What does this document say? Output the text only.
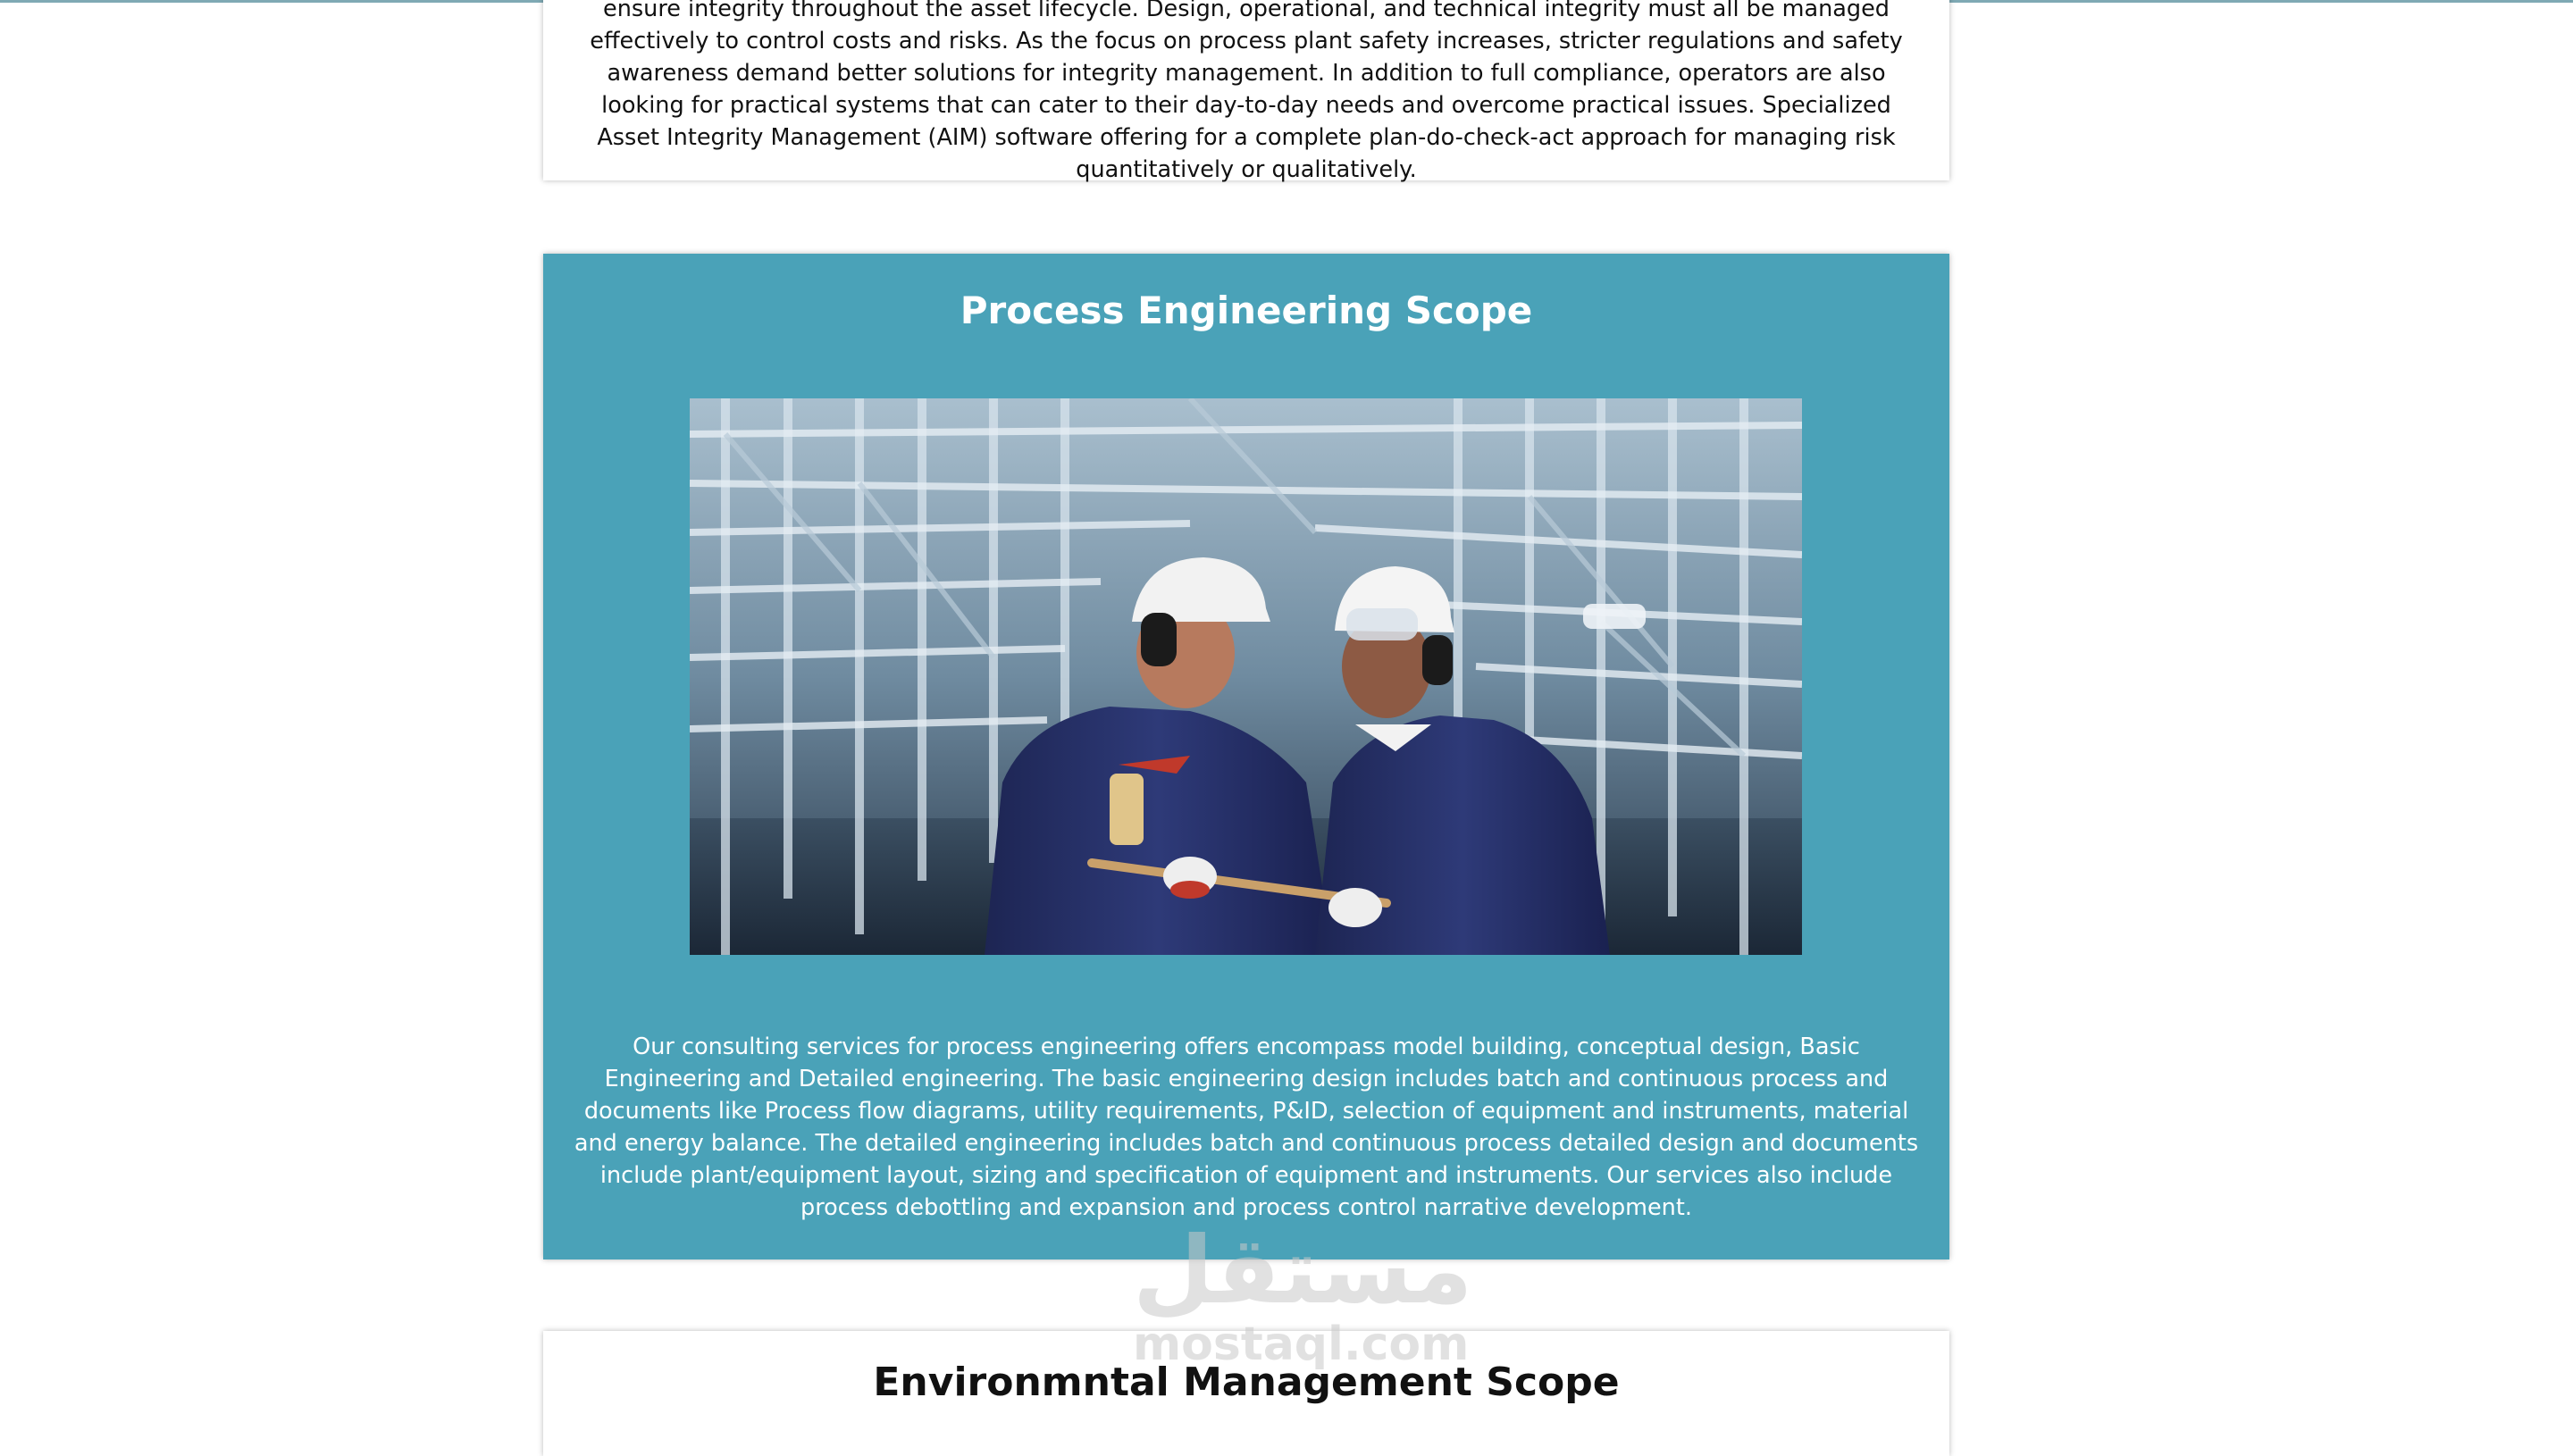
ensure integrity throughout the asset lifecycle. Design, operational, and technical integrity must all be managed effectively to control costs and risks. As the focus on process plant safety increases, stricter regulations and safety awareness demand better solutions for integrity management. In addition to full compliance, operators are also looking for practical systems that can cater to their day-to-day needs and overcome practical issues. Specialized Asset Integrity Management (AIM) software offering for a complete plan-do-check-act approach for managing risk quantitatively or qualitatively.
Process Engineering Scope
Our consulting services for process engineering offers encompass model building, conceptual design, Basic Engineering and Detailed engineering. The basic engineering design includes batch and continuous process and documents like Process flow diagrams, utility requirements, P&ID, selection of equipment and instruments, material and energy balance. The detailed engineering includes batch and continuous process detailed design and documents include plant/equipment layout, sizing and specification of equipment and instruments. Our services also include process debottling and expansion and process control narrative development.
Environmntal Management Scope
مستقل
mostaql.com
